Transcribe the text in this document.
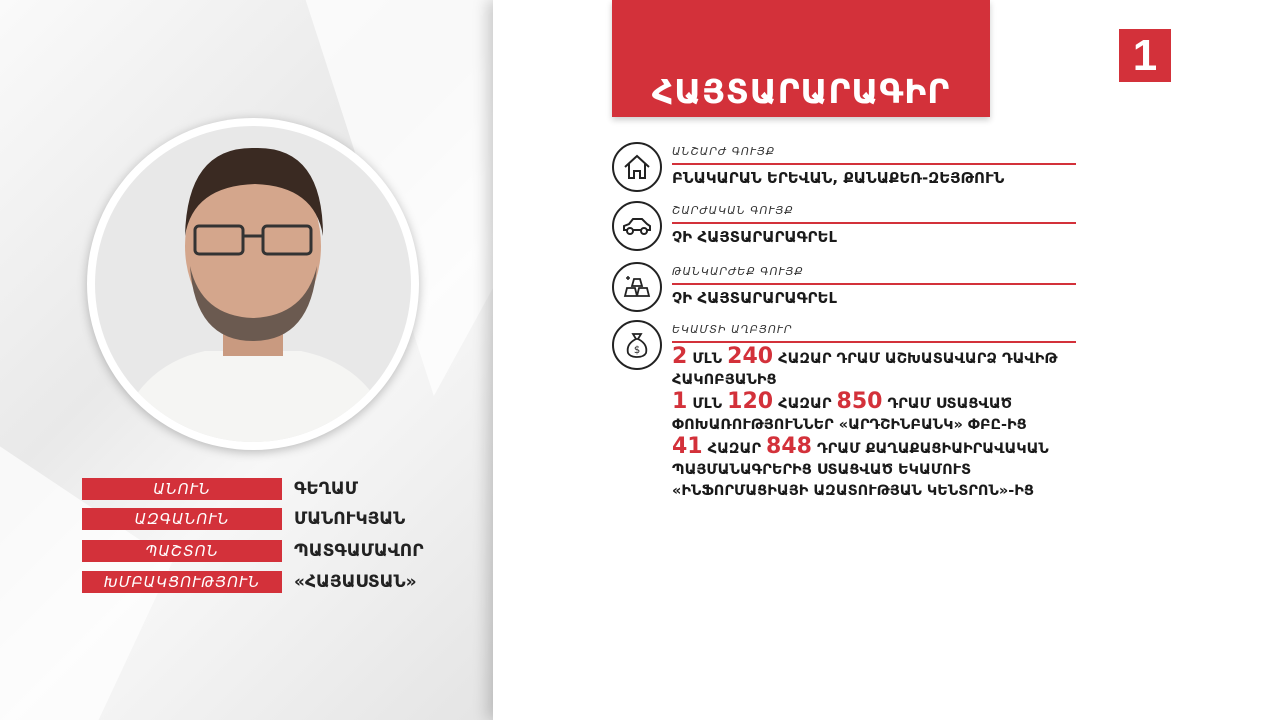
ՀԱՅՏԱՐԱՐԱԳԻՐ
1
ԱՆՈՒՆ	ԳԵՂԱՄ
ԱԶԳԱՆՈՒՆ	ՄԱՆՈՒԿՅԱՆ
ՊԱՇՏՈՆ	ՊԱՏԳԱՄԱՎՈՐ
ԽՄԲԱԿՑՈՒԹՅՈՒՆ	«ՀԱՅԱՍՏԱՆ»
ԱՆՇԱՐԺ ԳՈՒՅՔ
ԲՆԱԿԱՐԱՆ ԵՐԵՎԱՆ, ՔԱՆԱՔԵՌ-ԶԵՅԹՈՒՆ
ՇԱՐԺԱԿԱՆ ԳՈՒՅՔ
ՉԻ ՀԱՅՏԱՐԱՐԱԳՐԵԼ
ԹԱՆԿԱՐԺԵՔ ԳՈՒՅՔ
ՉԻ ՀԱՅՏԱՐԱՐԱԳՐԵԼ
$
ԵԿԱՄՏԻ ԱՂԲՅՈՒՐ

2 ՄԼՆ 240 ՀԱԶԱՐ ԴՐԱՄ ԱՇԽԱՏԱՎԱՐՁ ԴԱՎԻԹ ՀԱԿՈԲՅԱՆԻՑ

1 ՄԼՆ 120 ՀԱԶԱՐ 850 ԴՐԱՄ ՍՏԱՑՎԱԾ ՓՈԽԱՌՈՒԹՅՈՒՆՆԵՐ «ԱՐԴՇԻՆԲԱՆԿ» ՓԲԸ-ԻՑ

41 ՀԱԶԱՐ 848 ԴՐԱՄ ՔԱՂԱՔԱՑԻԱԻՐԱՎԱԿԱՆ ՊԱՅՄԱՆԱԳՐԵՐԻՑ ՍՏԱՑՎԱԾ ԵԿԱՄՈՒՏ «ԻՆՖՈՐՄԱՑԻԱՅԻ ԱԶԱՏՈՒԹՅԱՆ ԿԵՆՏՐՈՆ»-ԻՑ
